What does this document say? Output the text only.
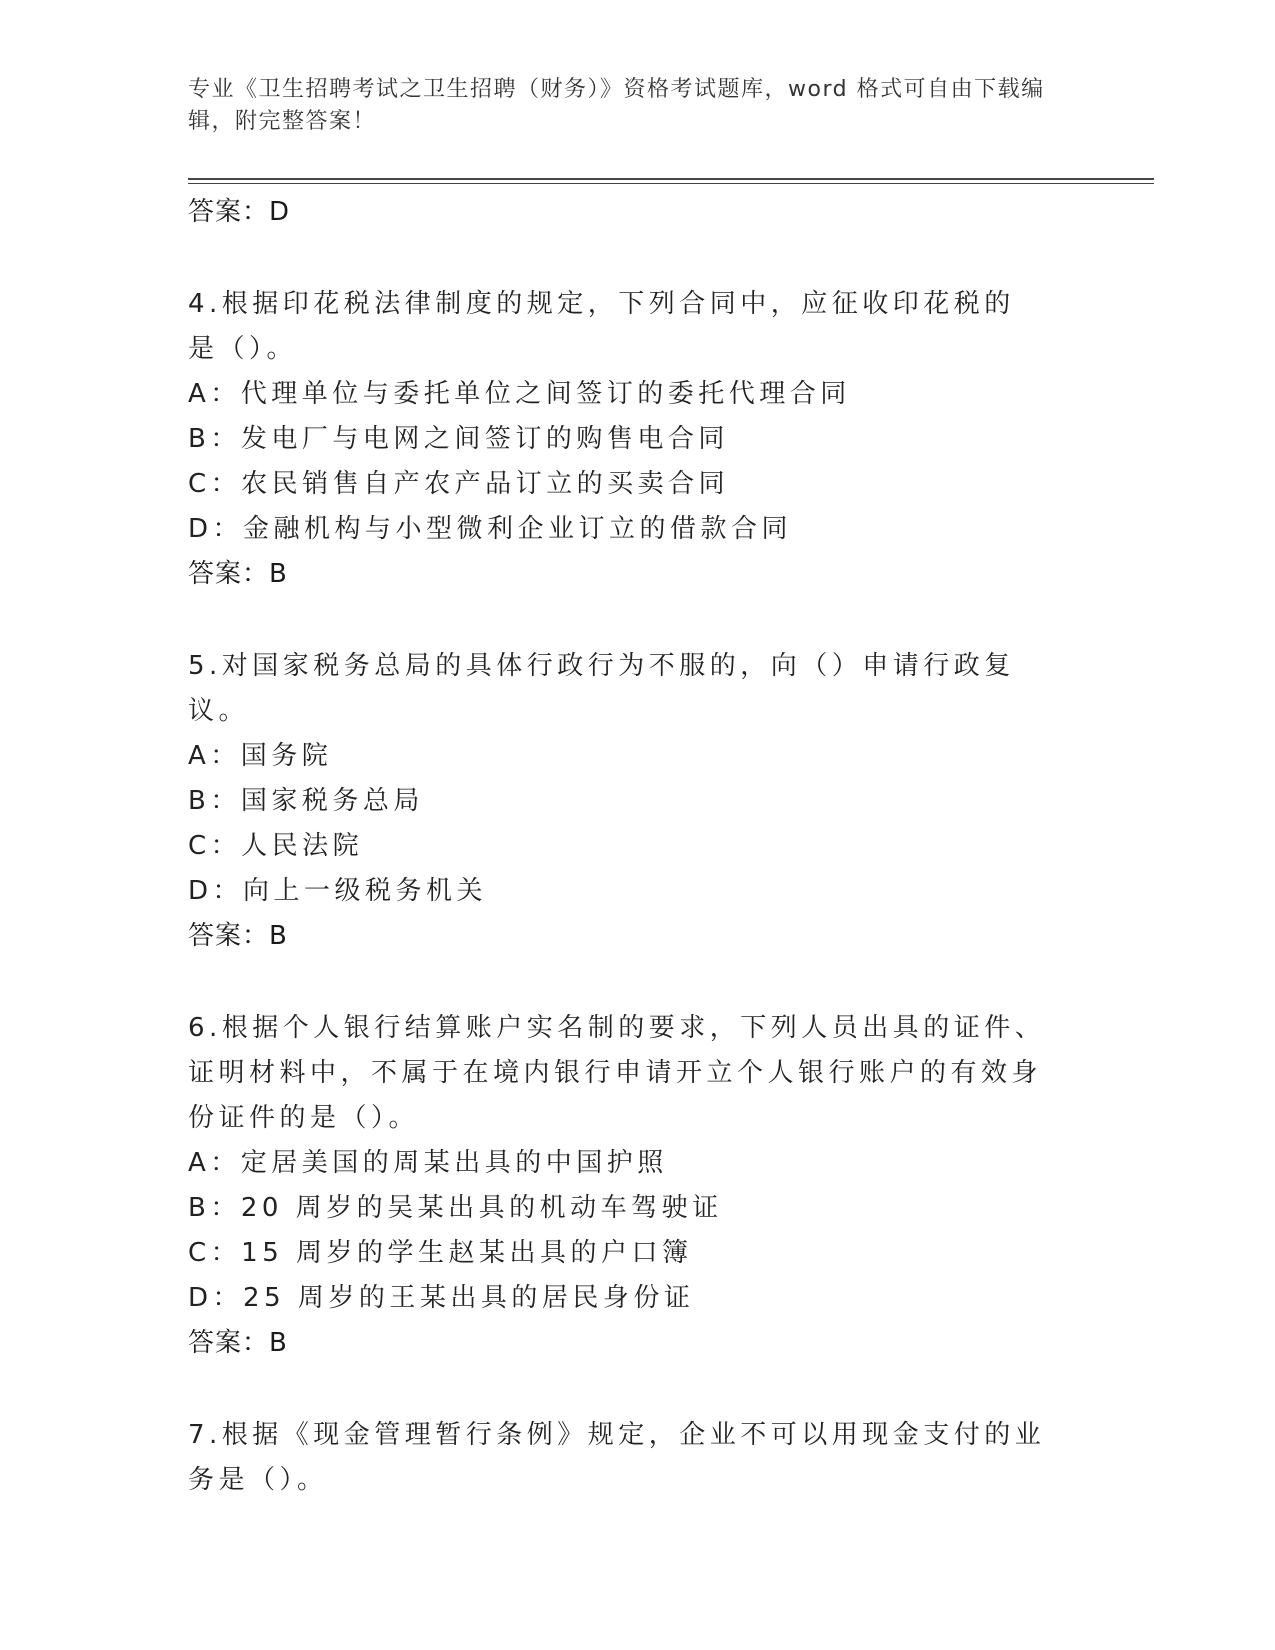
专业《卫生招聘考试之卫生招聘（财务）》资格考试题库，word 格式可自由下载编辑，附完整答案！
答案：D
4.根据印花税法律制度的规定，下列合同中，应征收印花税的是（）。
A：代理单位与委托单位之间签订的委托代理合同
B：发电厂与电网之间签订的购售电合同
C：农民销售自产农产品订立的买卖合同
D：金融机构与小型微利企业订立的借款合同
答案：B
5.对国家税务总局的具体行政行为不服的，向（）申请行政复议。
A：国务院
B：国家税务总局
C：人民法院
D：向上一级税务机关
答案：B
6.根据个人银行结算账户实名制的要求，下列人员出具的证件、证明材料中，不属于在境内银行申请开立个人银行账户的有效身份证件的是（）。
A：定居美国的周某出具的中国护照
B：20 周岁的吴某出具的机动车驾驶证
C：15 周岁的学生赵某出具的户口簿
D：25 周岁的王某出具的居民身份证
答案：B
7.根据《现金管理暂行条例》规定，企业不可以用现金支付的业务是（）。
